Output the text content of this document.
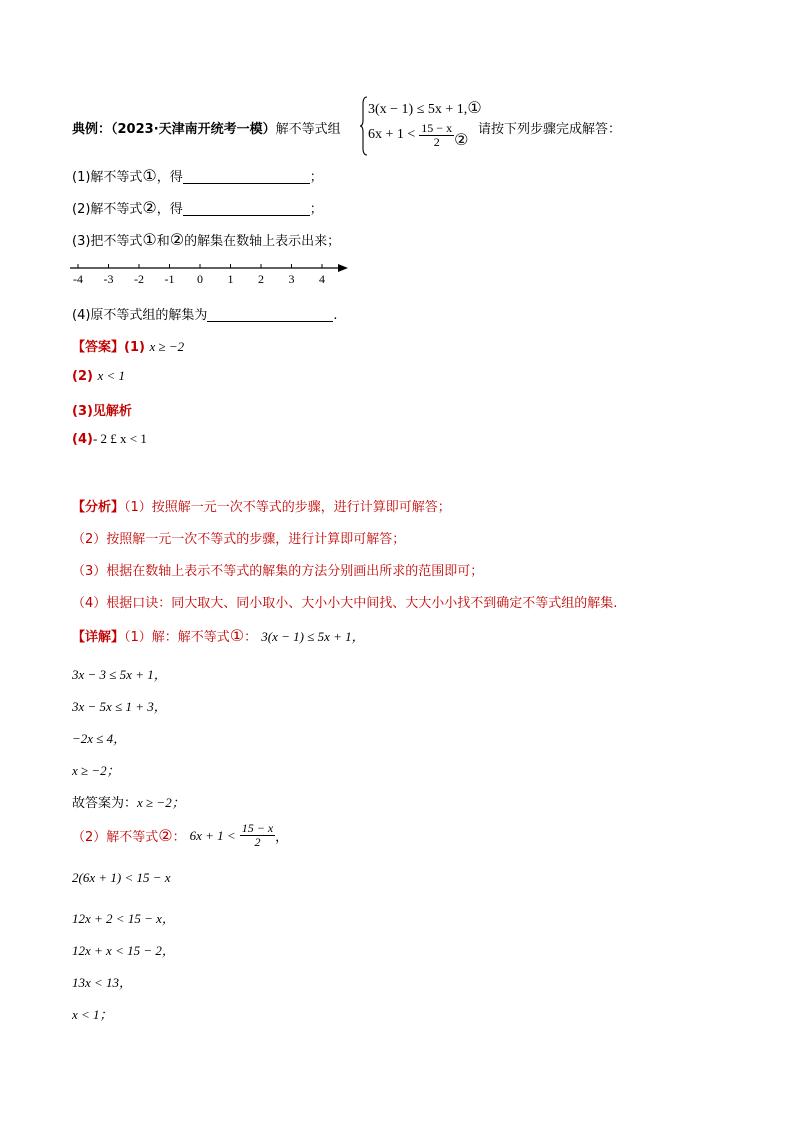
典例：（2023·天津南开统考一模）解不等式组
3(x − 1) ≤ 5x + 1,①
$6x + 1 < \frac{15 - x}{2}$ ②
请按下列步骤完成解答：
(1)解不等式①，得	；
(2)解不等式②，得	；
(3)把不等式①和②的解集在数轴上表示出来；
-4 -3 -2 -1 0 1 2 3 4
(4)原不等式组的解集为	.
【答案】(1) x ≥ −2
(2) x < 1
(3)见解析
(4)- 2 £ x < 1
【分析】（1）按照解一元一次不等式的步骤，进行计算即可解答；
（2）按照解一元一次不等式的步骤，进行计算即可解答；
（3）根据在数轴上表示不等式的解集的方法分别画出所求的范围即可；
（4）根据口诀：同大取大、同小取小、大小小大中间找、大大小小找不到确定不等式组的解集.
【详解】（1）解：解不等式①： 3(x − 1) ≤ 5x + 1，
3x − 3 ≤ 5x + 1，
3x − 5x ≤ 1 + 3，
−2x ≤ 4，
x ≥ −2；
故答案为：x ≥ −2；
（2）解不等式 ② ： $6x + 1 < \frac{15 - x}{2}$ ，
2(6x + 1) < 15 − x
12x + 2 < 15 − x，
12x + x < 15 − 2，
13x < 13，
x < 1；
